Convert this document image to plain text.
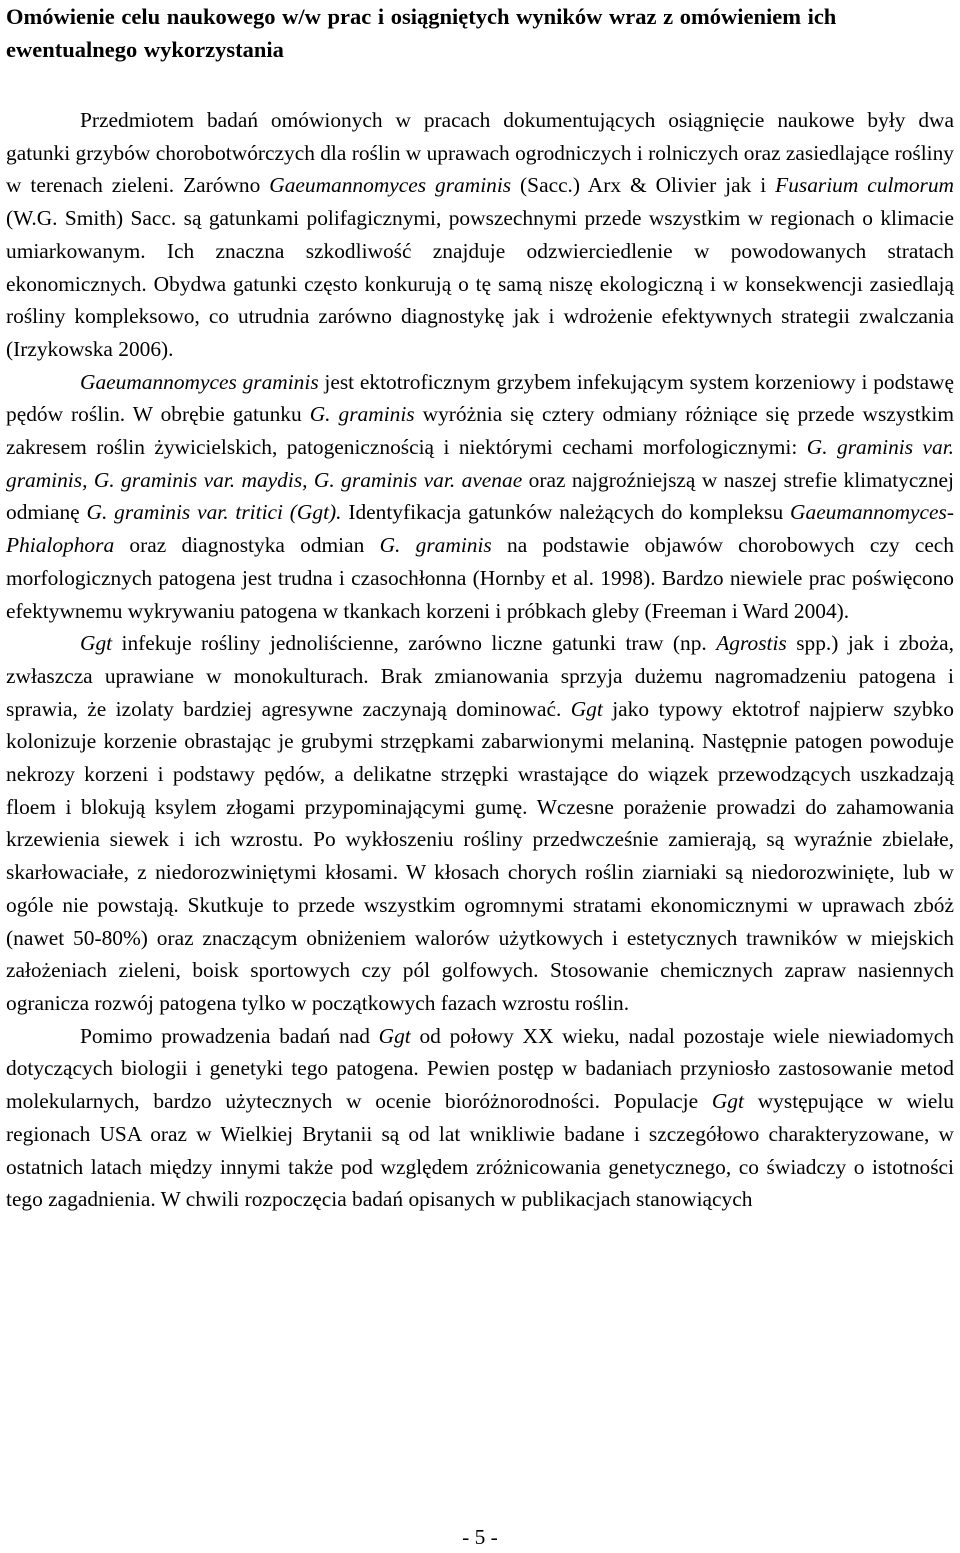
Omówienie celu naukowego w/w prac i osiągniętych wyników wraz z omówieniem ich ewentualnego wykorzystania

Przedmiotem badań omówionych w pracach dokumentujących osiągnięcie naukowe były dwa gatunki grzybów chorobotwórczych dla roślin w uprawach ogrodniczych i rolniczych oraz zasiedlające rośliny w terenach zieleni. Zarówno Gaeumannomyces graminis (Sacc.) Arx & Olivier jak i Fusarium culmorum (W.G. Smith) Sacc. są gatunkami polifagicznymi, powszechnymi przede wszystkim w regionach o klimacie umiarkowanym. Ich znaczna szkodliwość znajduje odzwierciedlenie w powodowanych stratach ekonomicznych. Obydwa gatunki często konkurują o tę samą niszę ekologiczną i w konsekwencji zasiedlają rośliny kompleksowo, co utrudnia zarówno diagnostykę jak i wdrożenie efektywnych strategii zwalczania (Irzykowska 2006).

Gaeumannomyces graminis jest ektotroficznym grzybem infekującym system korzeniowy i podstawę pędów roślin. W obrębie gatunku G. graminis wyróżnia się cztery odmiany różniące się przede wszystkim zakresem roślin żywicielskich, patogenicznością i niektórymi cechami morfologicznymi: G. graminis var. graminis, G. graminis var. maydis, G. graminis var. avenae oraz najgroźniejszą w naszej strefie klimatycznej odmianę G. graminis var. tritici (Ggt). Identyfikacja gatunków należących do kompleksu Gaeumannomyces-Phialophora oraz diagnostyka odmian G. graminis na podstawie objawów chorobowych czy cech morfologicznych patogena jest trudna i czasochłonna (Hornby et al. 1998). Bardzo niewiele prac poświęcono efektywnemu wykrywaniu patogena w tkankach korzeni i próbkach gleby (Freeman i Ward 2004).

Ggt infekuje rośliny jednoliścienne, zarówno liczne gatunki traw (np. Agrostis spp.) jak i zboża, zwłaszcza uprawiane w monokulturach. Brak zmianowania sprzyja dużemu nagromadzeniu patogena i sprawia, że izolaty bardziej agresywne zaczynają dominować. Ggt jako typowy ektotrof najpierw szybko kolonizuje korzenie obrastając je grubymi strzępkami zabarwionymi melaniną. Następnie patogen powoduje nekrozy korzeni i podstawy pędów, a delikatne strzępki wrastające do wiązek przewodzących uszkadzają floem i blokują ksylem złogami przypominającymi gumę. Wczesne porażenie prowadzi do zahamowania krzewienia siewek i ich wzrostu. Po wykłoszeniu rośliny przedwcześnie zamierają, są wyraźnie zbielałe, skarłowaciałe, z niedorozwiniętymi kłosami. W kłosach chorych roślin ziarniaki są niedorozwinięte, lub w ogóle nie powstają. Skutkuje to przede wszystkim ogromnymi stratami ekonomicznymi w uprawach zbóż (nawet 50-80%) oraz znaczącym obniżeniem walorów użytkowych i estetycznych trawników w miejskich założeniach zieleni, boisk sportowych czy pól golfowych. Stosowanie chemicznych zapraw nasiennych ogranicza rozwój patogena tylko w początkowych fazach wzrostu roślin.

Pomimo prowadzenia badań nad Ggt od połowy XX wieku, nadal pozostaje wiele niewiadomych dotyczących biologii i genetyki tego patogena. Pewien postęp w badaniach przyniosło zastosowanie metod molekularnych, bardzo użytecznych w ocenie bioróżnorodności. Populacje Ggt występujące w wielu regionach USA oraz w Wielkiej Brytanii są od lat wnikliwie badane i szczegółowo charakteryzowane, w ostatnich latach między innymi także pod względem zróżnicowania genetycznego, co świadczy o istotności tego zagadnienia. W chwili rozpoczęcia badań opisanych w publikacjach stanowiących

- 5 -
